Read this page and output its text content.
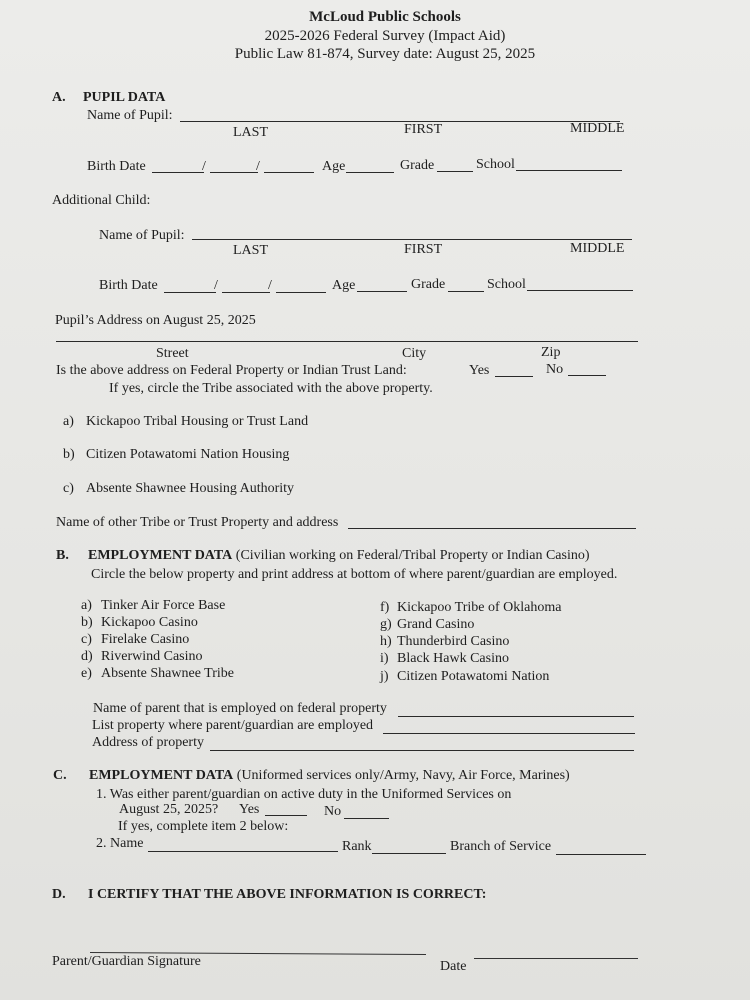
McLoud Public Schools
2025-2026 Federal Survey (Impact Aid)
Public Law 81-874, Survey date: August 25, 2025
A. PUPIL DATA
Name of Pupil:
LAST	FIRST	MIDDLE
Birth Date	/	/	Age	Grade	School
Additional Child:
Name of Pupil:
LAST	FIRST	MIDDLE
Birth Date	/	/	Age	Grade	School
Pupil’s Address on August 25, 2025
Street	City	Zip
Is the above address on Federal Property or Indian Trust Land:	Yes	No
If yes, circle the Tribe associated with the above property.
a) Kickapoo Tribal Housing or Trust Land
b) Citizen Potawatomi Nation Housing
c) Absente Shawnee Housing Authority
Name of other Tribe or Trust Property and address
B. EMPLOYMENT DATA (Civilian working on Federal/Tribal Property or Indian Casino)
Circle the below property and print address at bottom of where parent/guardian are employed.
a) Tinker Air Force Base
b) Kickapoo Casino
c) Firelake Casino
d) Riverwind Casino
e) Absente Shawnee Tribe
f) Kickapoo Tribe of Oklahoma
g) Grand Casino
h) Thunderbird Casino
i) Black Hawk Casino
j) Citizen Potawatomi Nation
Name of parent that is employed on federal property
List property where parent/guardian are employed
Address of property
C. EMPLOYMENT DATA (Uniformed services only/Army, Navy, Air Force, Marines)
1. Was either parent/guardian on active duty in the Uniformed Services on
August 25, 2025? Yes	No
If yes, complete item 2 below:
2. Name	Rank	Branch of Service
D. I CERTIFY THAT THE ABOVE INFORMATION IS CORRECT:
Parent/Guardian Signature	Date
